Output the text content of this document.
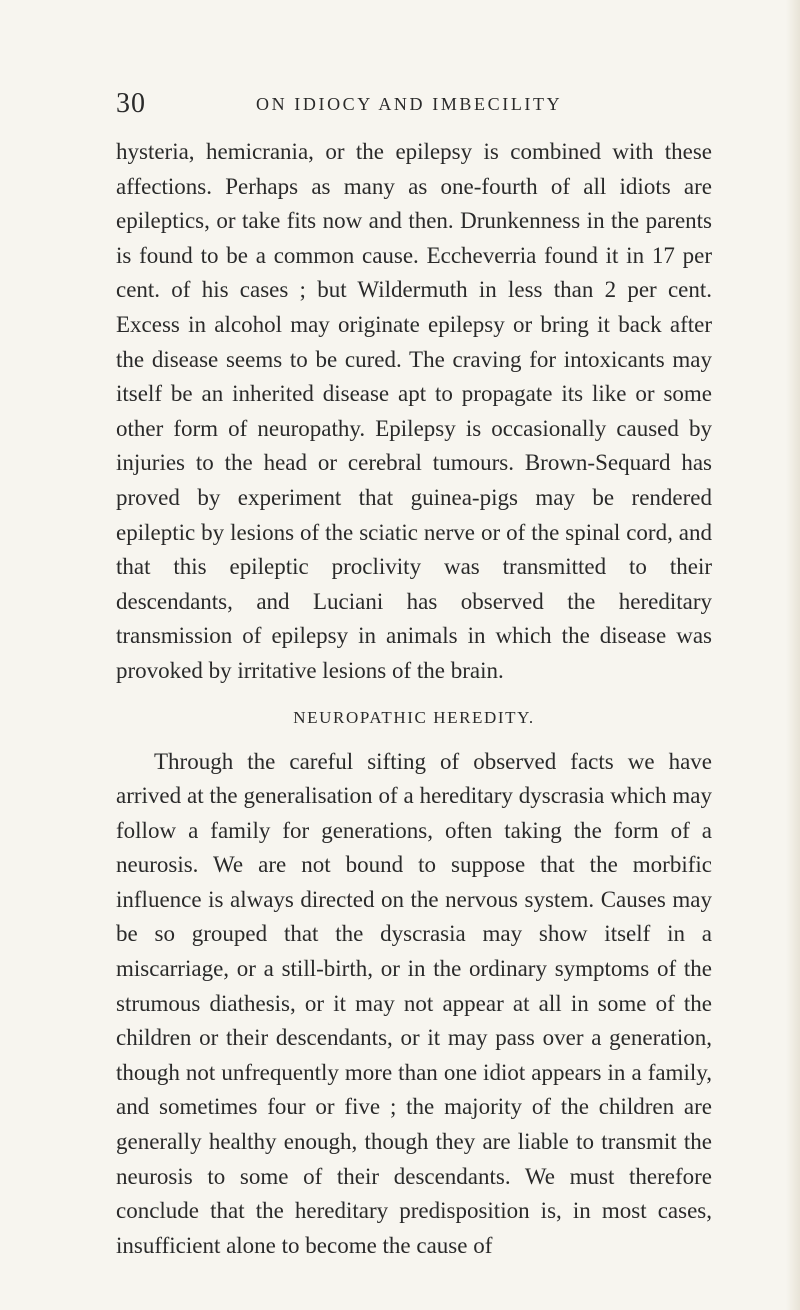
30	ON IDIOCY AND IMBECILITY

hysteria, hemicrania, or the epilepsy is combined with these affections. Perhaps as many as one-fourth of all idiots are epileptics, or take fits now and then. Drunkenness in the parents is found to be a common cause. Eccheverria found it in 17 per cent. of his cases ; but Wildermuth in less than 2 per cent. Excess in alcohol may originate epilepsy or bring it back after the disease seems to be cured. The craving for intoxicants may itself be an inherited disease apt to propagate its like or some other form of neuropathy. Epilepsy is occasionally caused by injuries to the head or cerebral tumours. Brown-Sequard has proved by experiment that guinea-pigs may be rendered epileptic by lesions of the sciatic nerve or of the spinal cord, and that this epileptic proclivity was transmitted to their descendants, and Luciani has observed the hereditary transmission of epilepsy in animals in which the disease was provoked by irritative lesions of the brain.

NEUROPATHIC HEREDITY.

Through the careful sifting of observed facts we have arrived at the generalisation of a hereditary dyscrasia which may follow a family for generations, often taking the form of a neurosis. We are not bound to suppose that the morbific influence is always directed on the nervous system. Causes may be so grouped that the dyscrasia may show itself in a miscarriage, or a still-birth, or in the ordinary symptoms of the strumous diathesis, or it may not appear at all in some of the children or their descendants, or it may pass over a generation, though not unfrequently more than one idiot appears in a family, and sometimes four or five ; the majority of the children are generally healthy enough, though they are liable to transmit the neurosis to some of their descendants. We must therefore conclude that the hereditary predisposition is, in most cases, insufficient alone to become the cause of
